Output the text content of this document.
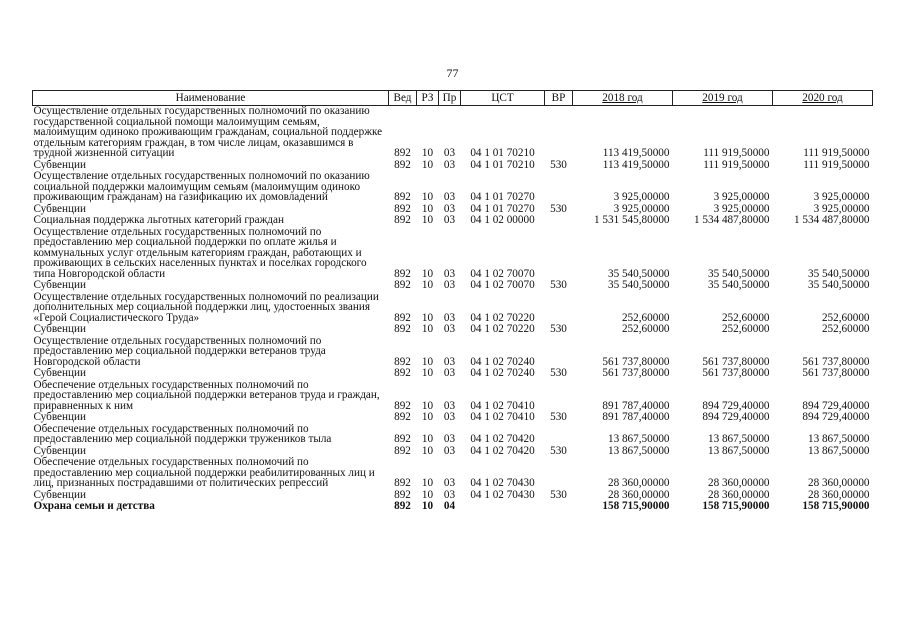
77
Наименование	Вед	РЗ	Пр	ЦСТ	ВР	2018 год	2019 год	2020 год
Осуществление отдельных государственных полномочий по оказанию государственной социальной помощи малоимущим семьям, малоимущим одиноко проживающим гражданам, социальной поддержке отдельным категориям граждан, в том числе лицам, оказавшимся в трудной жизненной ситуации	892	10	03	04 1 01 70210		113 419,50000	111 919,50000	111 919,50000
Субвенции	892	10	03	04 1 01 70210	530	113 419,50000	111 919,50000	111 919,50000
Осуществление отдельных государственных полномочий по оказанию социальной поддержки малоимущим семьям (малоимущим одиноко проживающим гражданам) на газификацию их домовладений	892	10	03	04 1 01 70270		3 925,00000	3 925,00000	3 925,00000
Субвенции	892	10	03	04 1 01 70270	530	3 925,00000	3 925,00000	3 925,00000
Социальная поддержка льготных категорий граждан	892	10	03	04 1 02 00000		1 531 545,80000	1 534 487,80000	1 534 487,80000
Осуществление отдельных государственных полномочий по предоставлению мер социальной поддержки по оплате жилья и коммунальных услуг отдельным категориям граждан, работающих и проживающих в сельских населенных пунктах и поселках городского типа Новгородской области	892	10	03	04 1 02 70070		35 540,50000	35 540,50000	35 540,50000
Субвенции	892	10	03	04 1 02 70070	530	35 540,50000	35 540,50000	35 540,50000
Осуществление отдельных государственных полномочий по реализации дополнительных мер социальной поддержки лиц, удостоенных звания «Герой Социалистического Труда»	892	10	03	04 1 02 70220		252,60000	252,60000	252,60000
Субвенции	892	10	03	04 1 02 70220	530	252,60000	252,60000	252,60000
Осуществление отдельных государственных полномочий по предоставлению мер социальной поддержки ветеранов труда Новгородской области	892	10	03	04 1 02 70240		561 737,80000	561 737,80000	561 737,80000
Субвенции	892	10	03	04 1 02 70240	530	561 737,80000	561 737,80000	561 737,80000
Обеспечение отдельных государственных полномочий по предоставлению мер социальной поддержки ветеранов труда и граждан, приравненных к ним	892	10	03	04 1 02 70410		891 787,40000	894 729,40000	894 729,40000
Субвенции	892	10	03	04 1 02 70410	530	891 787,40000	894 729,40000	894 729,40000
Обеспечение отдельных государственных полномочий по предоставлению мер социальной поддержки тружеников тыла	892	10	03	04 1 02 70420		13 867,50000	13 867,50000	13 867,50000
Субвенции	892	10	03	04 1 02 70420	530	13 867,50000	13 867,50000	13 867,50000
Обеспечение отдельных государственных полномочий по предоставлению мер социальной поддержки реабилитированных лиц и лиц, признанных пострадавшими от политических репрессий	892	10	03	04 1 02 70430		28 360,00000	28 360,00000	28 360,00000
Субвенции	892	10	03	04 1 02 70430	530	28 360,00000	28 360,00000	28 360,00000
Охрана семьи и детства	892	10	04			158 715,90000	158 715,90000	158 715,90000
